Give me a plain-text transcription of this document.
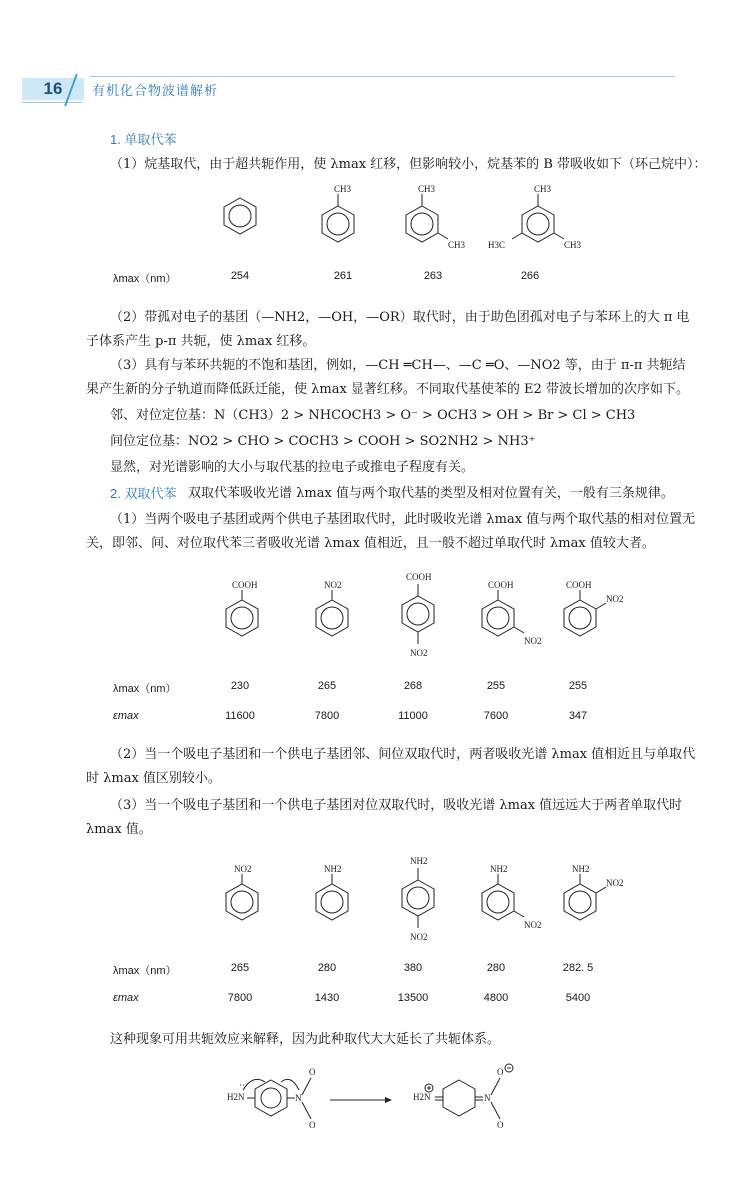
16	有机化合物波谱解析
1. 单取代苯
（1）烷基取代，由于超共轭作用，使 λmax 红移，但影响较小，烷基苯的 B 带吸收如下（环己烷中）：
CH3	CH3
CH3
CH3
CH3
H3C
λmax（nm）	254	261	263	266
（2）带孤对电子的基团（—NH2，—OH，—OR）取代时，由于助色团孤对电子与苯环上的大 π 电
子体系产生 p-π 共轭，使 λmax 红移。
（3）具有与苯环共轭的不饱和基团，例如，—CH ═CH—、—C ═O、—NO2 等，由于 π-π 共轭结
果产生新的分子轨道而降低跃迁能，使 λmax 显著红移。不同取代基使苯的 E2 带波长增加的次序如下。
邻、对位定位基：N（CH3）2 > NHCOCH3 > O⁻ > OCH3 > OH > Br > Cl > CH3
间位定位基：NO2 > CHO > COCH3 > COOH > SO2NH2 > NH3⁺
显然，对光谱影响的大小与取代基的拉电子或推电子程度有关。
2. 双取代苯 双取代苯吸收光谱 λmax 值与两个取代基的类型及相对位置有关，一般有三条规律。
（1）当两个吸电子基团或两个供电子基团取代时，此时吸收光谱 λmax 值与两个取代基的相对位置无
关，即邻、间、对位取代苯三者吸收光谱 λmax 值相近，且一般不超过单取代时 λmax 值较大者。
COOH	NO2
COOH
NO2
COOH
NO2
COOH
NO2
λmax（nm）	230	265	268	255	255
εmax	11600	7800	11000	7600	347
（2）当一个吸电子基团和一个供电子基团邻、间位双取代时，两者吸收光谱 λmax 值相近且与单取代
时 λmax 值区别较小。
（3）当一个吸电子基团和一个供电子基团对位双取代时，吸收光谱 λmax 值远远大于两者单取代时
λmax 值。
NO2	NH2
NH2
NO2
NH2
NO2
NH2
NO2
λmax（nm）	265	280	380	280	282. 5
εmax	7800	1430	13500	4800	5400
这种现象可用共轭效应来解释，因为此种取代大大延长了共轭体系。
H2N
··
N
O
O
H2N	N
O
O
